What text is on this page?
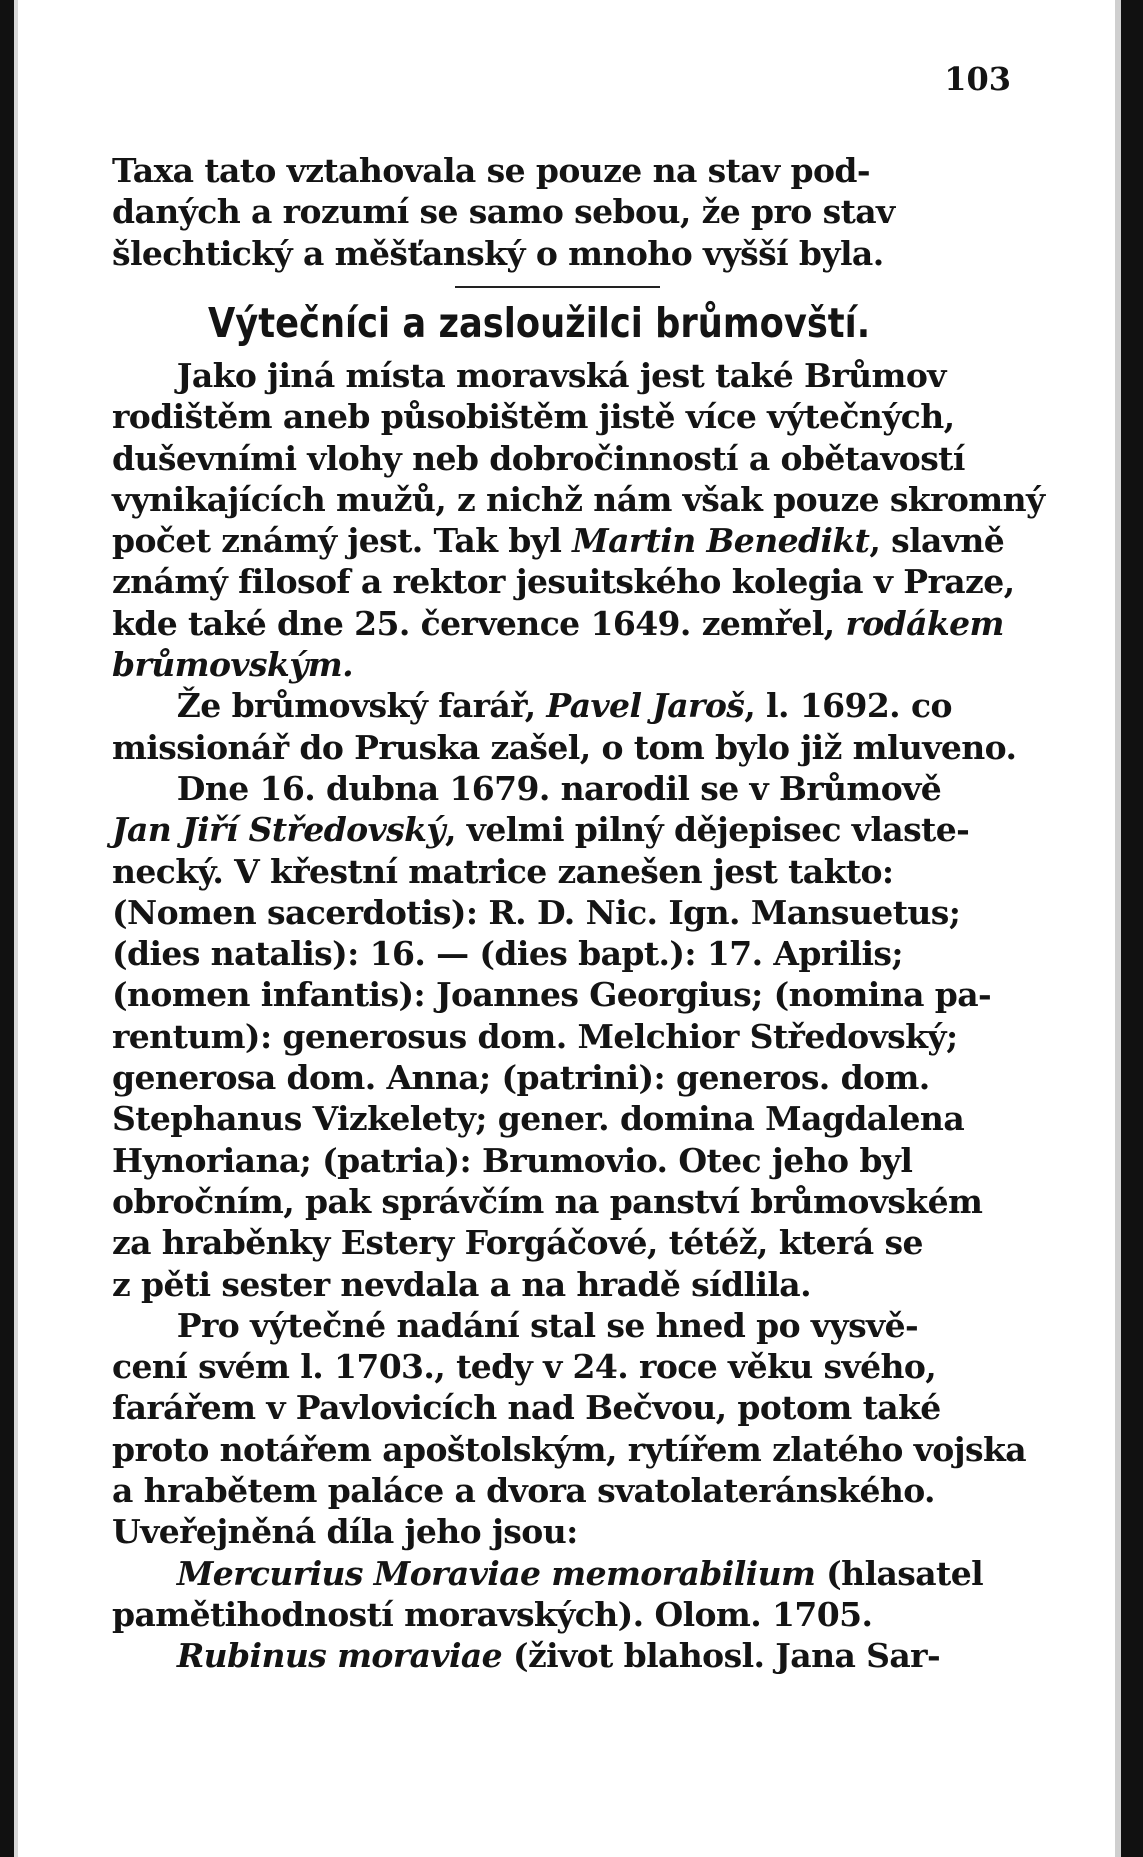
103
Taxa tato vztahovala se pouze na stav pod-
daných a rozumí se samo sebou, že pro stav
šlechtický a měšťanský o mnoho vyšší byla.
Výtečníci a zasloužilci brůmovští.
  Jako jiná místa moravská jest také Brůmov
rodištěm aneb působištěm jistě více výtečných,
duševními vlohy neb dobročinností a obětavostí
vynikajících mužů, z nichž nám však pouze skromný
počet známý jest. Tak byl Martin Benedikt, slavně
známý filosof a rektor jesuitského kolegia v Praze,
kde také dne 25. července 1649. zemřel, rodákem
brůmovským.
  Že brůmovský farář, Pavel Jaroš, l. 1692. co
missionář do Pruska zašel, o tom bylo již mluveno.
  Dne 16. dubna 1679. narodil se v Brůmově
Jan Jiří Středovský, velmi pilný dějepisec vlaste-
necký. V křestní matrice zanešen jest takto:
(Nomen sacerdotis): R. D. Nic. Ign. Mansuetus;
(dies natalis): 16. — (dies bapt.): 17. Aprilis;
(nomen infantis): Joannes Georgius; (nomina pa-
rentum): generosus dom. Melchior Středovský;
generosa dom. Anna; (patrini): generos. dom.
Stephanus Vizkelety; gener. domina Magdalena
Hynoriana; (patria): Brumovio. Otec jeho byl
obročním, pak správčím na panství brůmovském
za hraběnky Estery Forgáčové, tétéž, která se
z pěti sester nevdala a na hradě sídlila.
  Pro výtečné nadání stal se hned po vysvě-
cení svém l. 1703., tedy v 24. roce věku svého,
farářem v Pavlovicích nad Bečvou, potom také
proto notářem apoštolským, rytířem zlatého vojska
a hrabětem paláce a dvora svatolateránského.
Uveřejněná díla jeho jsou:
  Mercurius Moraviae memorabilium (hlasatel
pamětihodností moravských). Olom. 1705.
  Rubinus moraviae (život blahosl. Jana Sar-
